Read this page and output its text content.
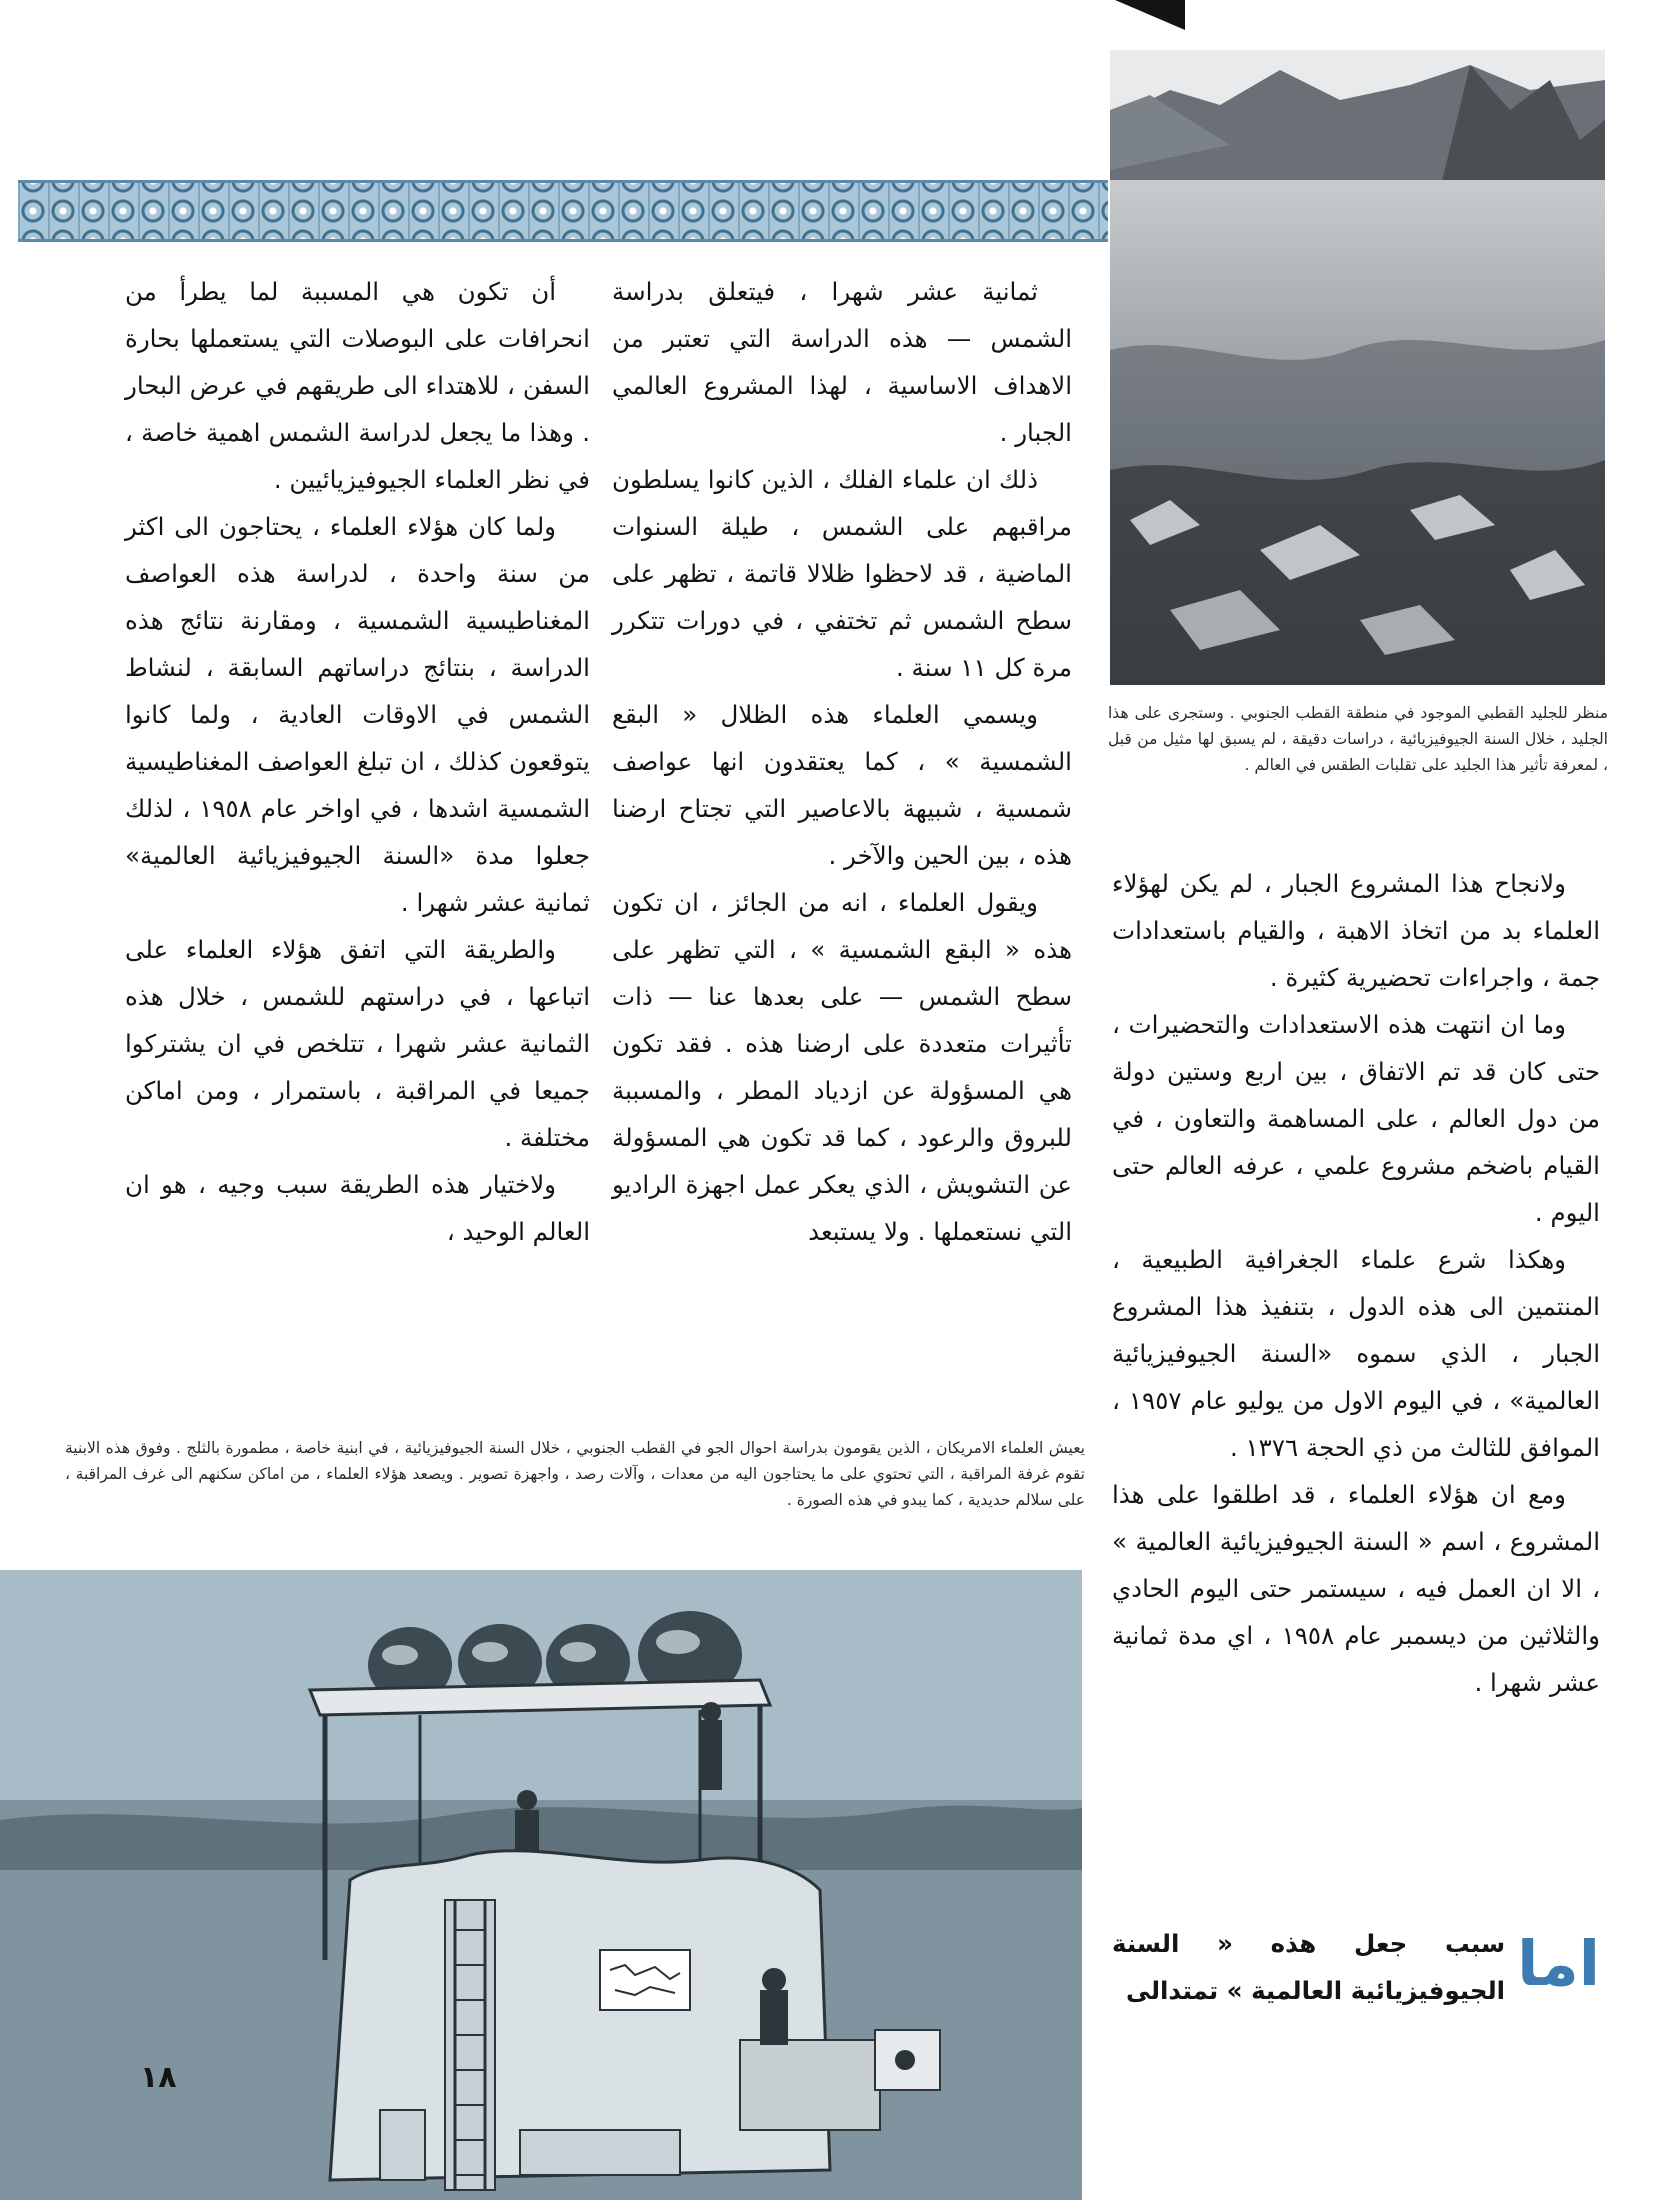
منظر للجليد القطبي الموجود في منطقة القطب الجنوبي . وستجرى على هذا الجليد ، خلال السنة الجيوفيزيائية ، دراسات دقيقة ، لم يسبق لها مثيل من قبل ، لمعرفة تأثير هذا الجليد على تقلبات الطقس في العالم .

ولانجاح هذا المشروع الجبار ، لم يكن لهؤلاء العلماء بد من اتخاذ الاهبة ، والقيام باستعدادات جمة ، واجراءات تحضيرية كثيرة .

وما ان انتهت هذه الاستعدادات والتحضيرات ، حتى كان قد تم الاتفاق ، بين اربع وستين دولة من دول العالم ، على المساهمة والتعاون ، في القيام باضخم مشروع علمي ، عرفه العالم حتى اليوم .

وهكذا شرع علماء الجغرافية الطبيعية ، المنتمين الى هذه الدول ، بتنفيذ هذا المشروع الجبار ، الذي سموه «السنة الجيوفيزيائية العالمية» ، في اليوم الاول من يوليو عام ١٩٥٧ ، الموافق للثالث من ذي الحجة ١٣٧٦ .

ومع ان هؤلاء العلماء ، قد اطلقوا على هذا المشروع ، اسم « السنة الجيوفيزيائية العالمية » ، الا ان العمل فيه ، سيستمر حتى اليوم الحادي والثلاثين من ديسمبر عام ١٩٥٨ ، اي مدة ثمانية عشر شهرا .

اما
سبب جعل هذه « السنة الجيوفيزيائية العالمية » تمتدالى

ثمانية عشر شهرا ، فيتعلق بدراسة الشمس — هذه الدراسة التي تعتبر من الاهداف الاساسية ، لهذا المشروع العالمي الجبار .

ذلك ان علماء الفلك ، الذين كانوا يسلطون مراقبهم على الشمس ، طيلة السنوات الماضية ، قد لاحظوا ظلالا قاتمة ، تظهر على سطح الشمس ثم تختفي ، في دورات تتكرر مرة كل ١١ سنة .

ويسمي العلماء هذه الظلال « البقع الشمسية » ، كما يعتقدون انها عواصف شمسية ، شبيهة بالاعاصير التي تجتاح ارضنا هذه ، بين الحين والآخر .

ويقول العلماء ، انه من الجائز ، ان تكون هذه « البقع الشمسية » ، التي تظهر على سطح الشمس — على بعدها عنا — ذات تأثيرات متعددة على ارضنا هذه . فقد تكون هي المسؤولة عن ازدياد المطر ، والمسببة للبروق والرعود ، كما قد تكون هي المسؤولة عن التشويش ، الذي يعكر عمل اجهزة الراديو التي نستعملها . ولا يستبعد

أن تكون هي المسببة لما يطرأ من انحرافات على البوصلات التي يستعملها بحارة السفن ، للاهتداء الى طريقهم في عرض البحار . وهذا ما يجعل لدراسة الشمس اهمية خاصة ، في نظر العلماء الجيوفيزيائيين .

ولما كان هؤلاء العلماء ، يحتاجون الى اكثر من سنة واحدة ، لدراسة هذه العواصف المغناطيسية الشمسية ، ومقارنة نتائج هذه الدراسة ، بنتائج دراساتهم السابقة ، لنشاط الشمس في الاوقات العادية ، ولما كانوا يتوقعون كذلك ، ان تبلغ العواصف المغناطيسية الشمسية اشدها ، في اواخر عام ١٩٥٨ ، لذلك جعلوا مدة «السنة الجيوفيزيائية العالمية» ثمانية عشر شهرا .

والطريقة التي اتفق هؤلاء العلماء على اتباعها ، في دراستهم للشمس ، خلال هذه الثمانية عشر شهرا ، تتلخص في ان يشتركوا جميعا في المراقبة ، باستمرار ، ومن اماكن مختلفة .

ولاختيار هذه الطريقة سبب وجيه ، هو ان العالم الوحيد ،

يعيش العلماء الامريكان ، الذين يقومون بدراسة احوال الجو في القطب الجنوبي ، خلال السنة الجيوفيزيائية ، في ابنية خاصة ، مطمورة بالثلج . وفوق هذه الابنية تقوم غرفة المراقبة ، التي تحتوي على ما يحتاجون اليه من معدات ، وآلات رصد ، واجهزة تصوير . ويصعد هؤلاء العلماء ، من اماكن سكنهم الى غرف المراقبة ، على سلالم حديدية ، كما يبدو في هذه الصورة .
١٨
